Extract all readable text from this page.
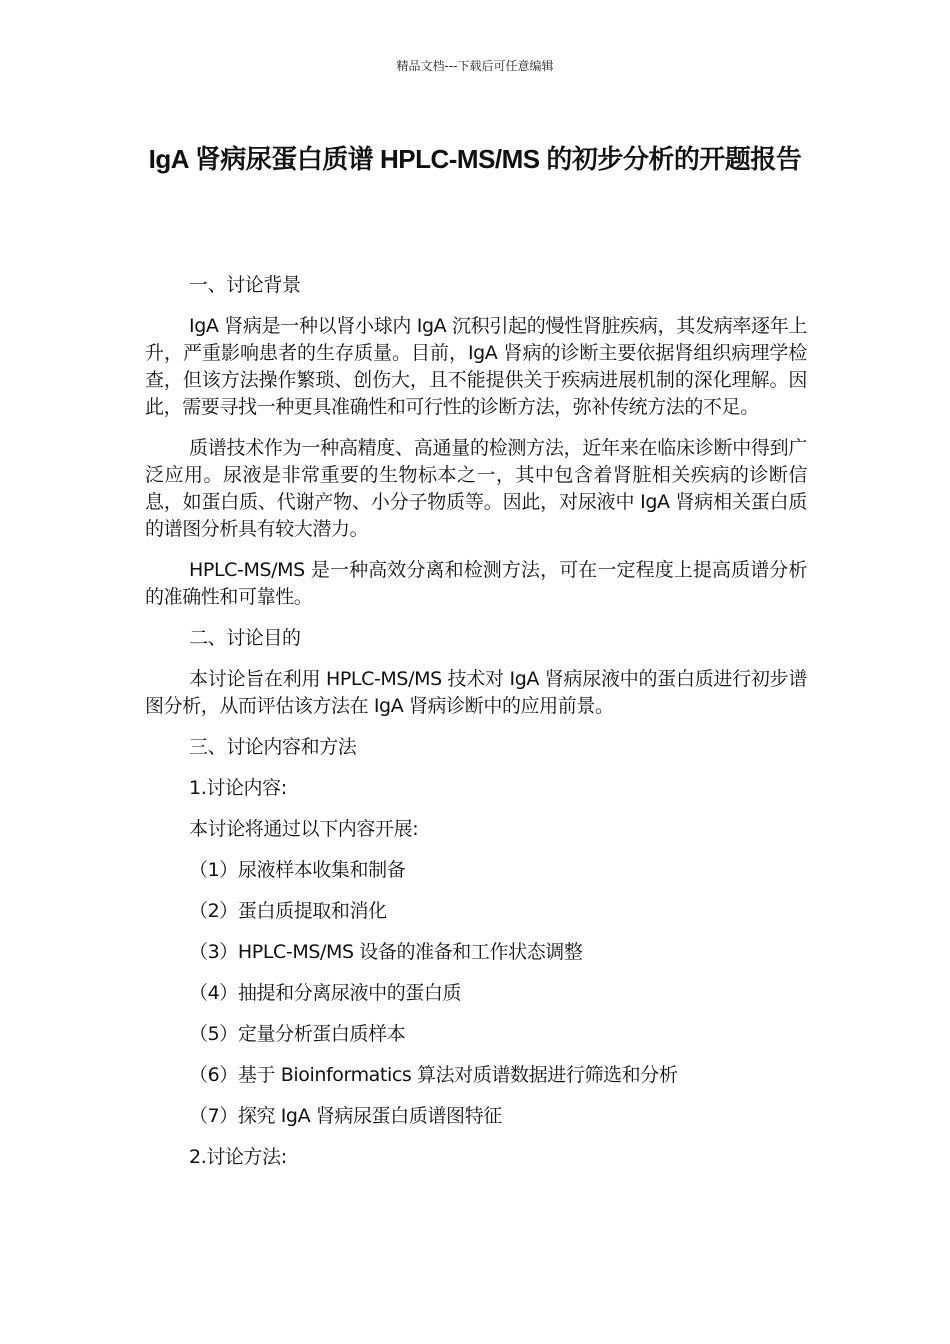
精品文档---下载后可任意编辑
IgA 肾病尿蛋白质谱 HPLC-MS/MS 的初步分析的开题报告

一、讨论背景

IgA 肾病是一种以肾小球内 IgA 沉积引起的慢性肾脏疾病，其发病率逐年上升，严重影响患者的生存质量。目前，IgA 肾病的诊断主要依据肾组织病理学检查，但该方法操作繁琐、创伤大，且不能提供关于疾病进展机制的深化理解。因此，需要寻找一种更具准确性和可行性的诊断方法，弥补传统方法的不足。

质谱技术作为一种高精度、高通量的检测方法，近年来在临床诊断中得到广泛应用。尿液是非常重要的生物标本之一，其中包含着肾脏相关疾病的诊断信息，如蛋白质、代谢产物、小分子物质等。因此，对尿液中 IgA 肾病相关蛋白质的谱图分析具有较大潜力。

HPLC-MS/MS 是一种高效分离和检测方法，可在一定程度上提高质谱分析的准确性和可靠性。

二、讨论目的

本讨论旨在利用 HPLC-MS/MS 技术对 IgA 肾病尿液中的蛋白质进行初步谱图分析，从而评估该方法在 IgA 肾病诊断中的应用前景。

三、讨论内容和方法

1.讨论内容:

本讨论将通过以下内容开展:

（1）尿液样本收集和制备

（2）蛋白质提取和消化

（3）HPLC-MS/MS 设备的准备和工作状态调整

（4）抽提和分离尿液中的蛋白质

（5）定量分析蛋白质样本

（6）基于 Bioinformatics 算法对质谱数据进行筛选和分析

（7）探究 IgA 肾病尿蛋白质谱图特征

2.讨论方法:
